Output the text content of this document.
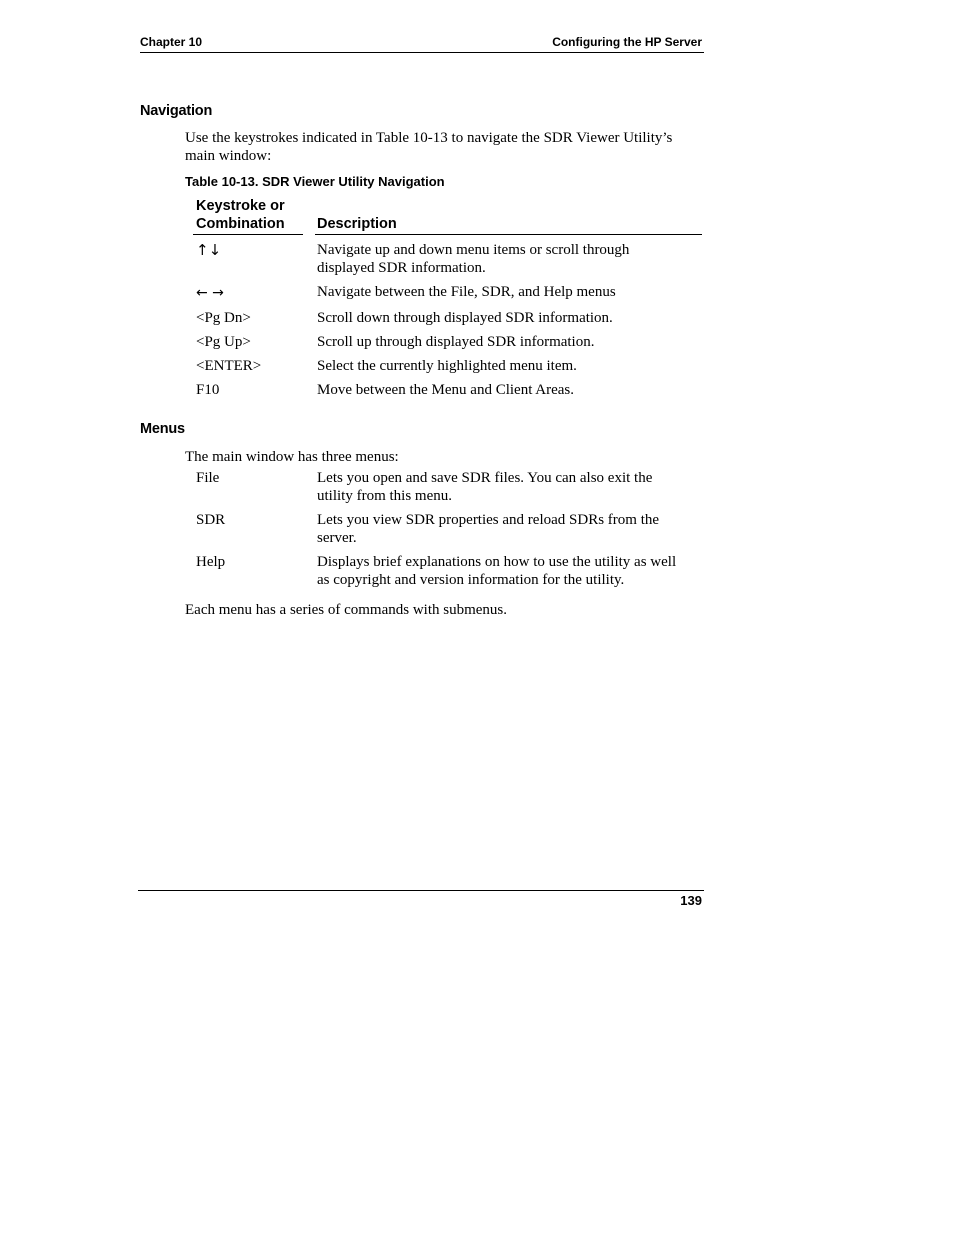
Chapter 10	Configuring the HP Server
Navigation
Use the keystrokes indicated in Table 10-13 to navigate the SDR Viewer Utility’s
main window:
Table 10-13. SDR Viewer Utility Navigation
Keystroke or
Combination Description
↑↓	Navigate up and down menu items or scroll through
displayed SDR information.
← →	Navigate between the File, SDR, and Help menus
<Pg Dn>	Scroll down through displayed SDR information.
<Pg Up>	Scroll up through displayed SDR information.
<ENTER>	Select the currently highlighted menu item.
F10	Move between the Menu and Client Areas.
Menus
The main window has three menus:
File	Lets you open and save SDR files. You can also exit the
utility from this menu.
SDR	Lets you view SDR properties and reload SDRs from the
server.
Help	Displays brief explanations on how to use the utility as well
as copyright and version information for the utility.
Each menu has a series of commands with submenus.
139
